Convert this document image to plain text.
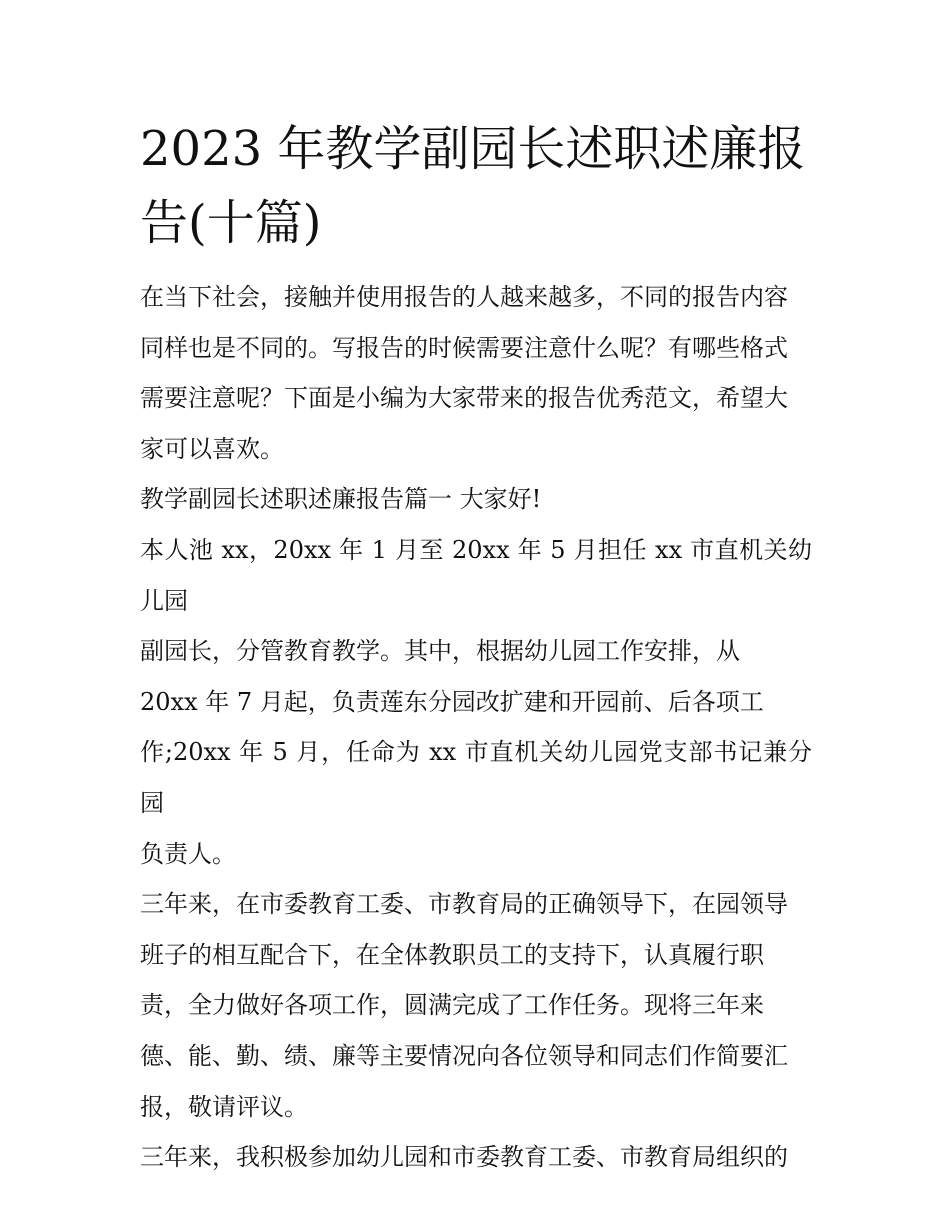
2023 年教学副园长述职述廉报
告(十篇)

在当下社会，接触并使用报告的人越来越多，不同的报告内容
同样也是不同的。写报告的时候需要注意什么呢？有哪些格式
需要注意呢？下面是小编为大家带来的报告优秀范文，希望大
家可以喜欢。

教学副园长述职述廉报告篇一 大家好!

本人池 xx，20xx 年 1 月至 20xx 年 5 月担任 xx 市直机关幼儿园
副园长，分管教育教学。其中，根据幼儿园工作安排，从
20xx 年 7 月起，负责莲东分园改扩建和开园前、后各项工
作;20xx 年 5 月，任命为 xx 市直机关幼儿园党支部书记兼分园
负责人。

三年来，在市委教育工委、市教育局的正确领导下，在园领导
班子的相互配合下，在全体教职员工的支持下，认真履行职
责，全力做好各项工作，圆满完成了工作任务。现将三年来
德、能、勤、绩、廉等主要情况向各位领导和同志们作简要汇
报，敬请评议。

三年来，我积极参加幼儿园和市委教育工委、市教育局组织的
